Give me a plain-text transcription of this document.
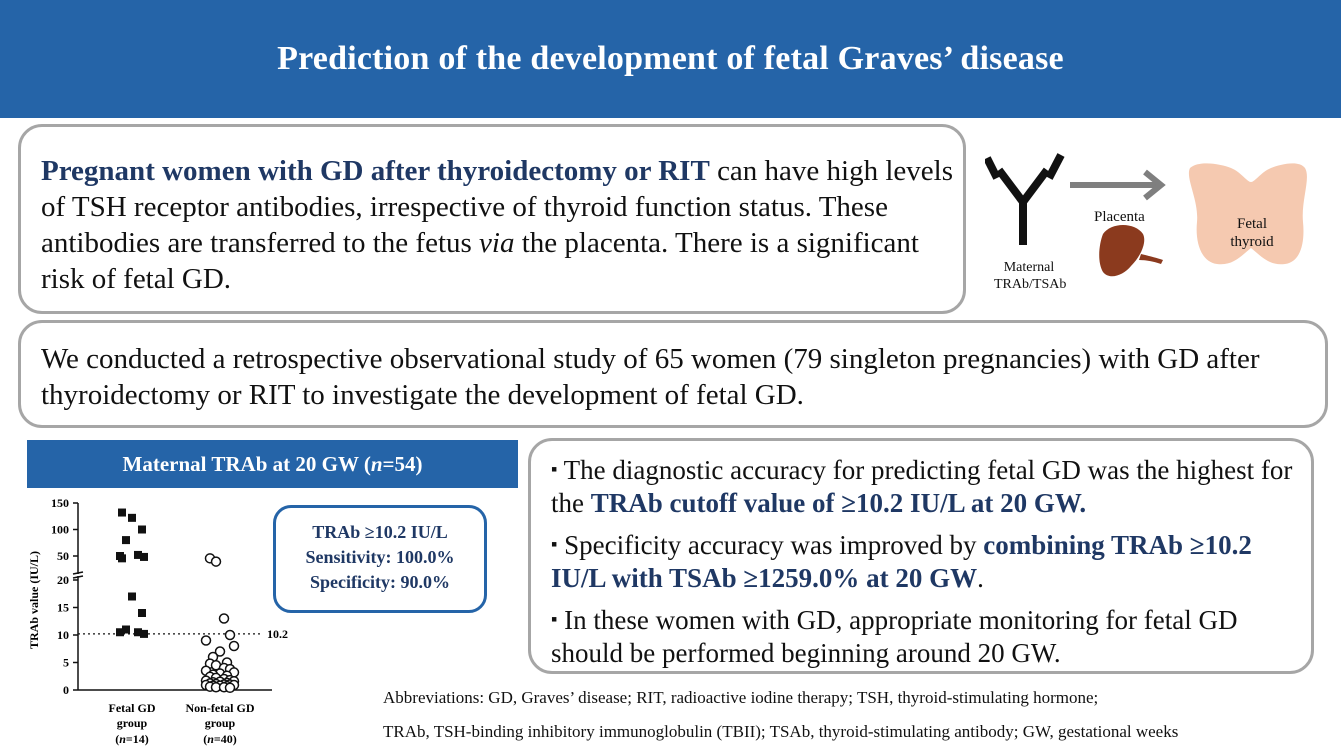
Prediction of the development of fetal Graves’ disease
Pregnant women with GD after thyroidectomy or RIT can have high levels of TSH receptor antibodies, irrespective of thyroid function status. These antibodies are transferred to the fetus via the placenta. There is a significant risk of fetal GD.	Maternal
TRAb/TSAb
Placenta	Fetal
thyroid
We conducted a retrospective observational study of 65 women (79 singleton pregnancies) with GD after thyroidectomy or RIT to investigate the development of fetal GD.
Maternal TRAb at 20 GW ( n =54)
0
5
10
15
20
50
100
150
TRAb value (IU/L)	10.2
Fetal GD
group
(n=14)
Non-fetal GD
group
(n=40)
TRAb ≥10.2 IU/L
Sensitivity: 100.0%
Specificity: 90.0%

▪ The diagnostic accuracy for predicting fetal GD was the highest for the TRAb cutoff value of ≥10.2 IU/L at 20 GW.

▪ Specificity accuracy was improved by combining TRAb ≥10.2 IU/L with TSAb ≥1259.0% at 20 GW.

▪ In these women with GD, appropriate monitoring for fetal GD should be performed beginning around 20 GW.

Abbreviations: GD, Graves’ disease; RIT, radioactive iodine therapy; TSH, thyroid-stimulating hormone;
TRAb, TSH-binding inhibitory immunoglobulin (TBII); TSAb, thyroid-stimulating antibody; GW, gestational weeks
